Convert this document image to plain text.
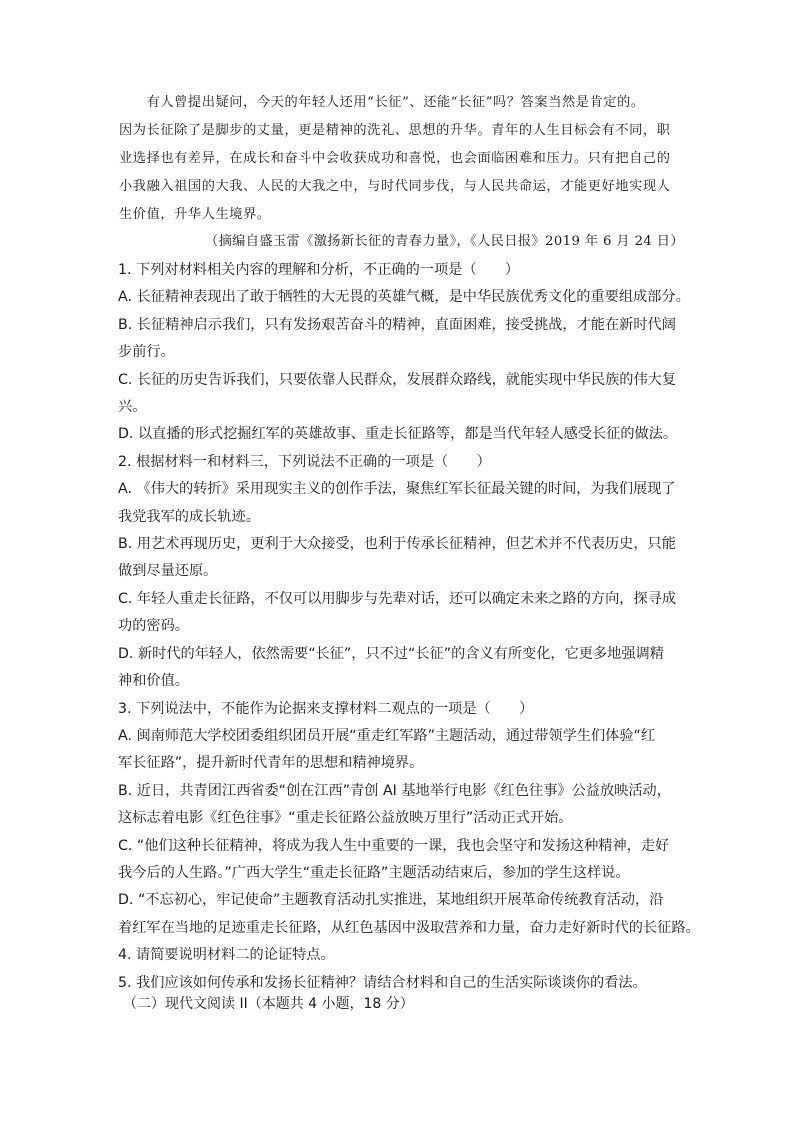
　　有人曾提出疑问，今天的年轻人还用“长征”、还能“长征”吗？答案当然是肯定的。
因为长征除了是脚步的丈量，更是精神的洗礼、思想的升华。青年的人生目标会有不同，职
业选择也有差异，在成长和奋斗中会收获成功和喜悦，也会面临困难和压力。只有把自己的
小我融入祖国的大我、人民的大我之中，与时代同步伐，与人民共命运，才能更好地实现人
生价值，升华人生境界。
（摘编自盛玉雷《激扬新长征的青春力量》，《人民日报》2019 年 6 月 24 日）
1. 下列对材料相关内容的理解和分析，不正确的一项是（　　）
A. 长征精神表现出了敢于牺牲的大无畏的英雄气概，是中华民族优秀文化的重要组成部分。
B. 长征精神启示我们，只有发扬艰苦奋斗的精神，直面困难，接受挑战，才能在新时代阔
步前行。
C. 长征的历史告诉我们，只要依靠人民群众，发展群众路线，就能实现中华民族的伟大复
兴。
D. 以直播的形式挖掘红军的英雄故事、重走长征路等，都是当代年轻人感受长征的做法。
2. 根据材料一和材料三，下列说法不正确的一项是（　　）
A. 《伟大的转折》采用现实主义的创作手法，聚焦红军长征最关键的时间，为我们展现了
我党我军的成长轨迹。
B. 用艺术再现历史，更利于大众接受，也利于传承长征精神，但艺术并不代表历史，只能
做到尽量还原。
C. 年轻人重走长征路，不仅可以用脚步与先辈对话，还可以确定未来之路的方向，探寻成
功的密码。
D. 新时代的年轻人，依然需要“长征”，只不过“长征”的含义有所变化，它更多地强调精
神和价值。
3. 下列说法中，不能作为论据来支撑材料二观点的一项是（　　）
A. 闽南师范大学校团委组织团员开展“重走红军路”主题活动，通过带领学生们体验“红
军长征路”，提升新时代青年的思想和精神境界。
B. 近日，共青团江西省委“创在江西”青创 AI 基地举行电影《红色往事》公益放映活动，
这标志着电影《红色往事》“重走长征路公益放映万里行”活动正式开始。
C. “他们这种长征精神，将成为我人生中重要的一课，我也会坚守和发扬这种精神，走好
我今后的人生路。”广西大学生“重走长征路”主题活动结束后，参加的学生这样说。
D. “不忘初心，牢记使命”主题教育活动扎实推进，某地组织开展革命传统教育活动，沿
着红军在当地的足迹重走长征路，从红色基因中汲取营养和力量，奋力走好新时代的长征路。
4. 请简要说明材料二的论证特点。
5. 我们应该如何传承和发扬长征精神？请结合材料和自己的生活实际谈谈你的看法。
（二）现代文阅读 II（本题共 4 小题，18 分）
